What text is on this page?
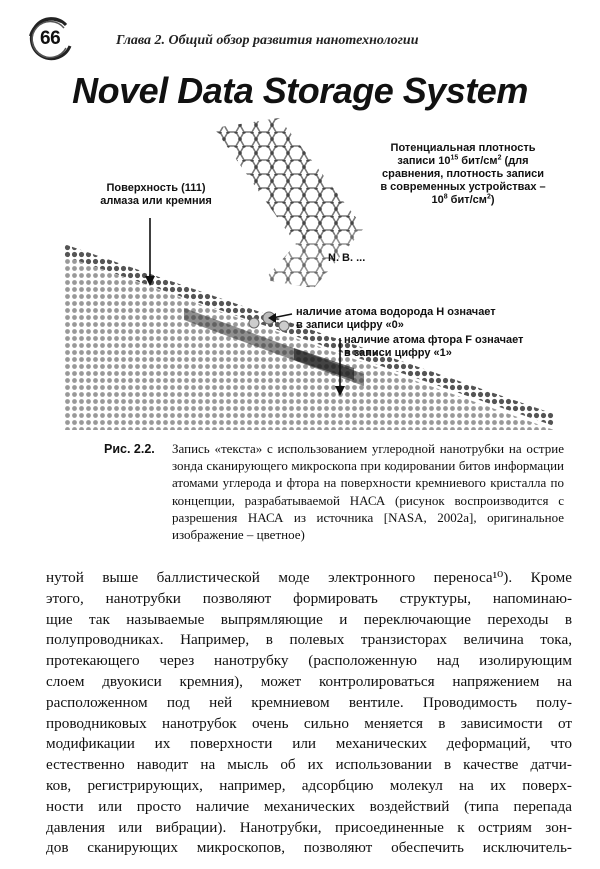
66	Глава 2. Общий обзор развития нанотехнологии
Novel Data Storage System
Потенциальная плотность
записи $10^{15}$ бит/$см^2$ (для
сравнения, плотность записи
в современных устройствах –
$10^8$ бит/$см^2$)
Поверхность (111)
алмаза или кремния
N. B. ...
наличие атома водорода H означает
в записи цифру «0»
наличие атома фтора F означает
в записи цифру «1»
Рис. 2.2. Запись «текста» с использованием углеродной нанотрубки на острие зонда сканирующего микроскопа при кодировании битов информации атомами углерода и фтора на поверхности кремниевого кристалла по концепции, разрабатываемой НАСА (рисунок воспроизводится с разрешения НАСА из источника [NASA, 2002a], оригинальное изображение – цветное)
нутой выше баллистической моде электронного переноса¹⁰). Кроме
этого, нанотрубки позволяют формировать структуры, напоминаю-
щие так называемые выпрямляющие и переключающие переходы в
полупроводниках. Например, в полевых транзисторах величина тока,
протекающего через нанотрубку (расположенную над изолирующим
слоем двуокиси кремния), может контролироваться напряжением на
расположенном под ней кремниевом вентиле. Проводимость полу-
проводниковых нанотрубок очень сильно меняется в зависимости от
модификации их поверхности или механических деформаций, что
естественно наводит на мысль об их использовании в качестве датчи-
ков, регистрирующих, например, адсорбцию молекул на их поверх-
ности или просто наличие механических воздействий (типа перепада
давления или вибрации). Нанотрубки, присоединенные к остриям зон-
дов сканирующих микроскопов, позволяют обеспечить исключитель-
